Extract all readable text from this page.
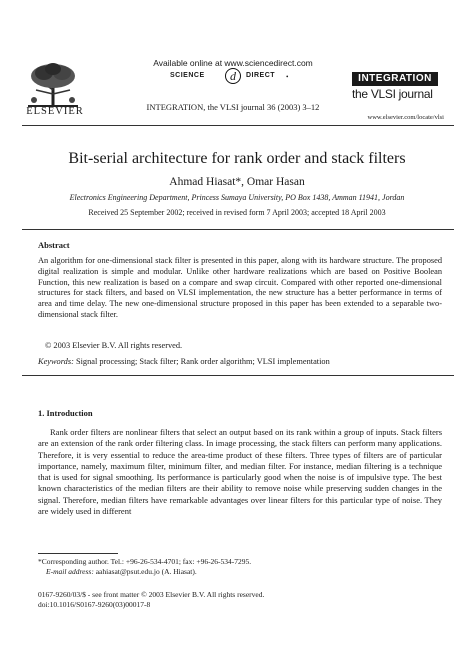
ELSEVIER
Available online at www.sciencedirect.com
SCIENCE	d	DIRECT •
INTEGRATION, the VLSI journal 36 (2003) 3–12
INTEGRATION
the VLSI journal
www.elsevier.com/locate/vlsi
Bit-serial architecture for rank order and stack filters
Ahmad Hiasat*, Omar Hasan
Electronics Engineering Department, Princess Sumaya University, PO Box 1438, Amman 11941, Jordan
Received 25 September 2002; received in revised form 7 April 2003; accepted 18 April 2003
Abstract
An algorithm for one-dimensional stack filter is presented in this paper, along with its hardware structure. The proposed digital realization is simple and modular. Unlike other hardware realizations which are based on Positive Boolean Function, this new realization is based on a compare and swap circuit. Compared with other reported one-dimensional structures for stack filters, and based on VLSI implementation, the new structure has a better performance in terms of area and time delay. The new one-dimensional structure proposed in this paper has been extended to a separable two-dimensional stack filter.
© 2003 Elsevier B.V. All rights reserved.
Keywords: Signal processing; Stack filter; Rank order algorithm; VLSI implementation
1. Introduction

Rank order filters are nonlinear filters that select an output based on its rank within a group of inputs. Stack filters are an extension of the rank order filtering class. In image processing, the stack filters can perform many applications. Therefore, it is very essential to reduce the area-time product of these filters. Three types of filters are of particular importance, namely, maximum filter, minimum filter, and median filter. For instance, median filtering is a technique that is used for signal smoothing. Its performance is particularly good when the noise is of impulsive type. The best known characteristics of the median filters are their ability to remove noise while preserving sudden changes in the signal. Therefore, median filters have remarkable advantages over linear filters for this particular type of noise. They are widely used in different

*Corresponding author. Tel.: +96-26-534-4701; fax: +96-26-534-7295.
E-mail address: aahiasat@psut.edu.jo (A. Hiasat).
0167-9260/03/$ - see front matter © 2003 Elsevier B.V. All rights reserved.
doi:10.1016/S0167-9260(03)00017-8
